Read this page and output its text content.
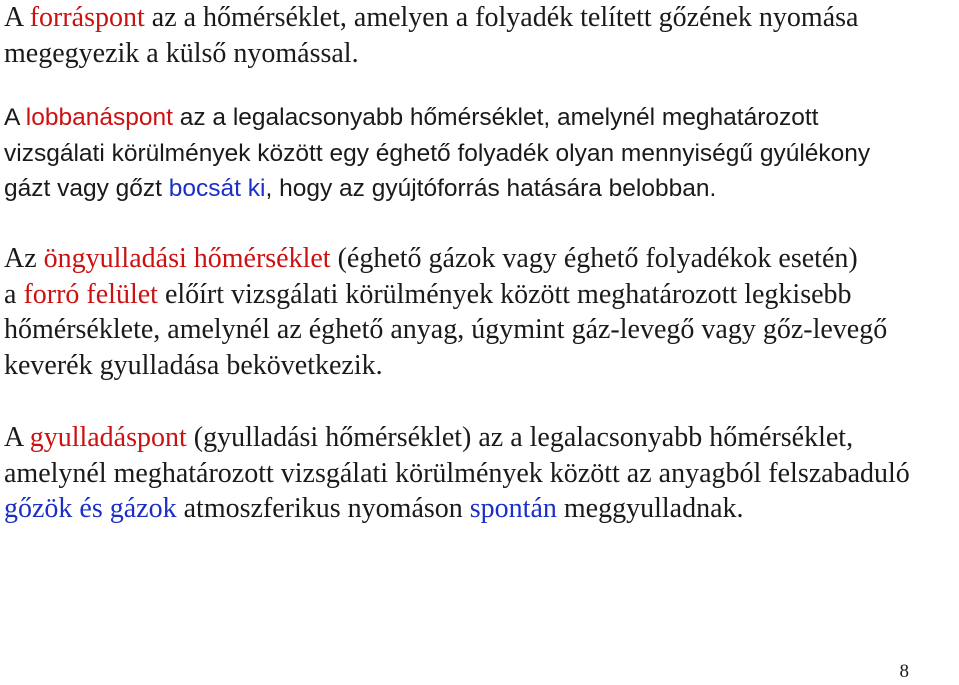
A forráspont az a hőmérséklet, amelyen a folyadék telített gőzének nyomása
megegyezik a külső nyomással.
A lobbanáspont az a legalacsonyabb hőmérséklet, amelynél meghatározott
vizsgálati körülmények között egy éghető folyadék olyan mennyiségű gyúlékony
gázt vagy gőzt bocsát ki, hogy az gyújtóforrás hatására belobban.
Az öngyulladási hőmérséklet (éghető gázok vagy éghető folyadékok esetén)
a forró felület előírt vizsgálati körülmények között meghatározott legkisebb
hőmérséklete, amelynél az éghető anyag, úgymint gáz-levegő vagy gőz-levegő
keverék gyulladása bekövetkezik.
A gyulladáspont (gyulladási hőmérséklet) az a legalacsonyabb hőmérséklet,
amelynél meghatározott vizsgálati körülmények között az anyagból felszabaduló
gőzök és gázok atmoszferikus nyomáson spontán meggyulladnak.
8
